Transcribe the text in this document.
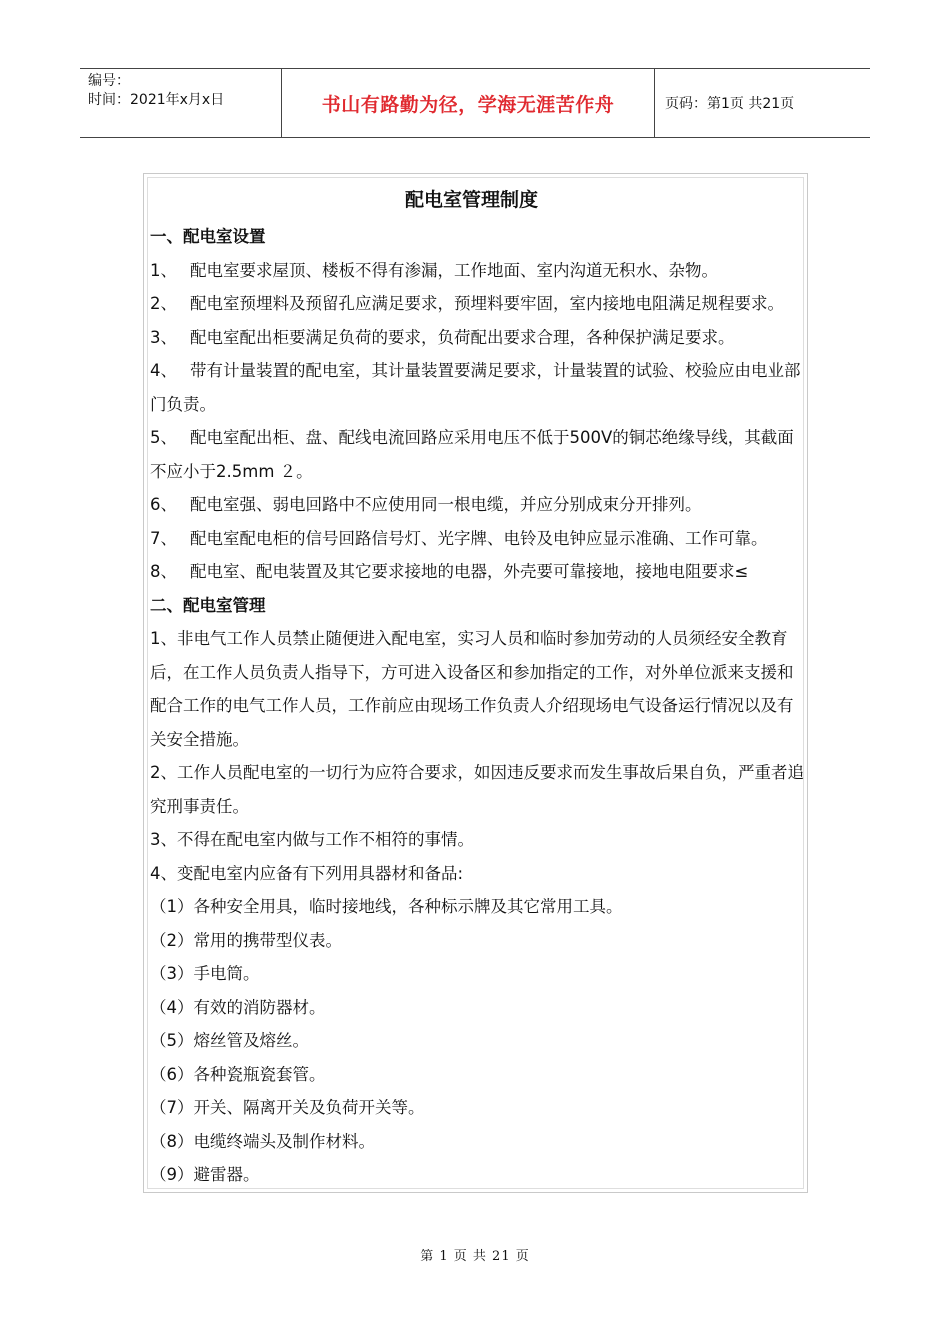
编号：
时间：2021年x月x日	书山有路勤为径，学海无涯苦作舟	页码：第1页 共21页
配电室管理制度
一、配电室设置
1、 配电室要求屋顶、楼板不得有渗漏，工作地面、室内沟道无积水、杂物。
2、 配电室预埋料及预留孔应满足要求，预埋料要牢固，室内接地电阻满足规程要求。
3、 配电室配出柜要满足负荷的要求，负荷配出要求合理，各种保护满足要求。
4、 带有计量装置的配电室，其计量装置要满足要求，计量装置的试验、校验应由电业部
门负责。
5、 配电室配出柜、盘、配线电流回路应采用电压不低于500V的铜芯绝缘导线，其截面
不应小于2.5mm ２。
6、 配电室强、弱电回路中不应使用同一根电缆，并应分别成束分开排列。
7、 配电室配电柜的信号回路信号灯、光字牌、电铃及电钟应显示准确、工作可靠。
8、 配电室、配电装置及其它要求接地的电器，外壳要可靠接地，接地电阻要求≤
二、配电室管理
1、非电气工作人员禁止随便进入配电室，实习人员和临时参加劳动的人员须经安全教育
后，在工作人员负责人指导下，方可进入设备区和参加指定的工作，对外单位派来支援和
配合工作的电气工作人员，工作前应由现场工作负责人介绍现场电气设备运行情况以及有
关安全措施。
2、工作人员配电室的一切行为应符合要求，如因违反要求而发生事故后果自负，严重者追
究刑事责任。
3、不得在配电室内做与工作不相符的事情。
4、变配电室内应备有下列用具器材和备品:
（1）各种安全用具，临时接地线，各种标示牌及其它常用工具。
（2）常用的携带型仪表。
（3）手电筒。
（4）有效的消防器材。
（5）熔丝管及熔丝。
（6）各种瓷瓶瓷套管。
（7）开关、隔离开关及负荷开关等。
（8）电缆终端头及制作材料。
（9）避雷器。
第 1 页 共 21 页
